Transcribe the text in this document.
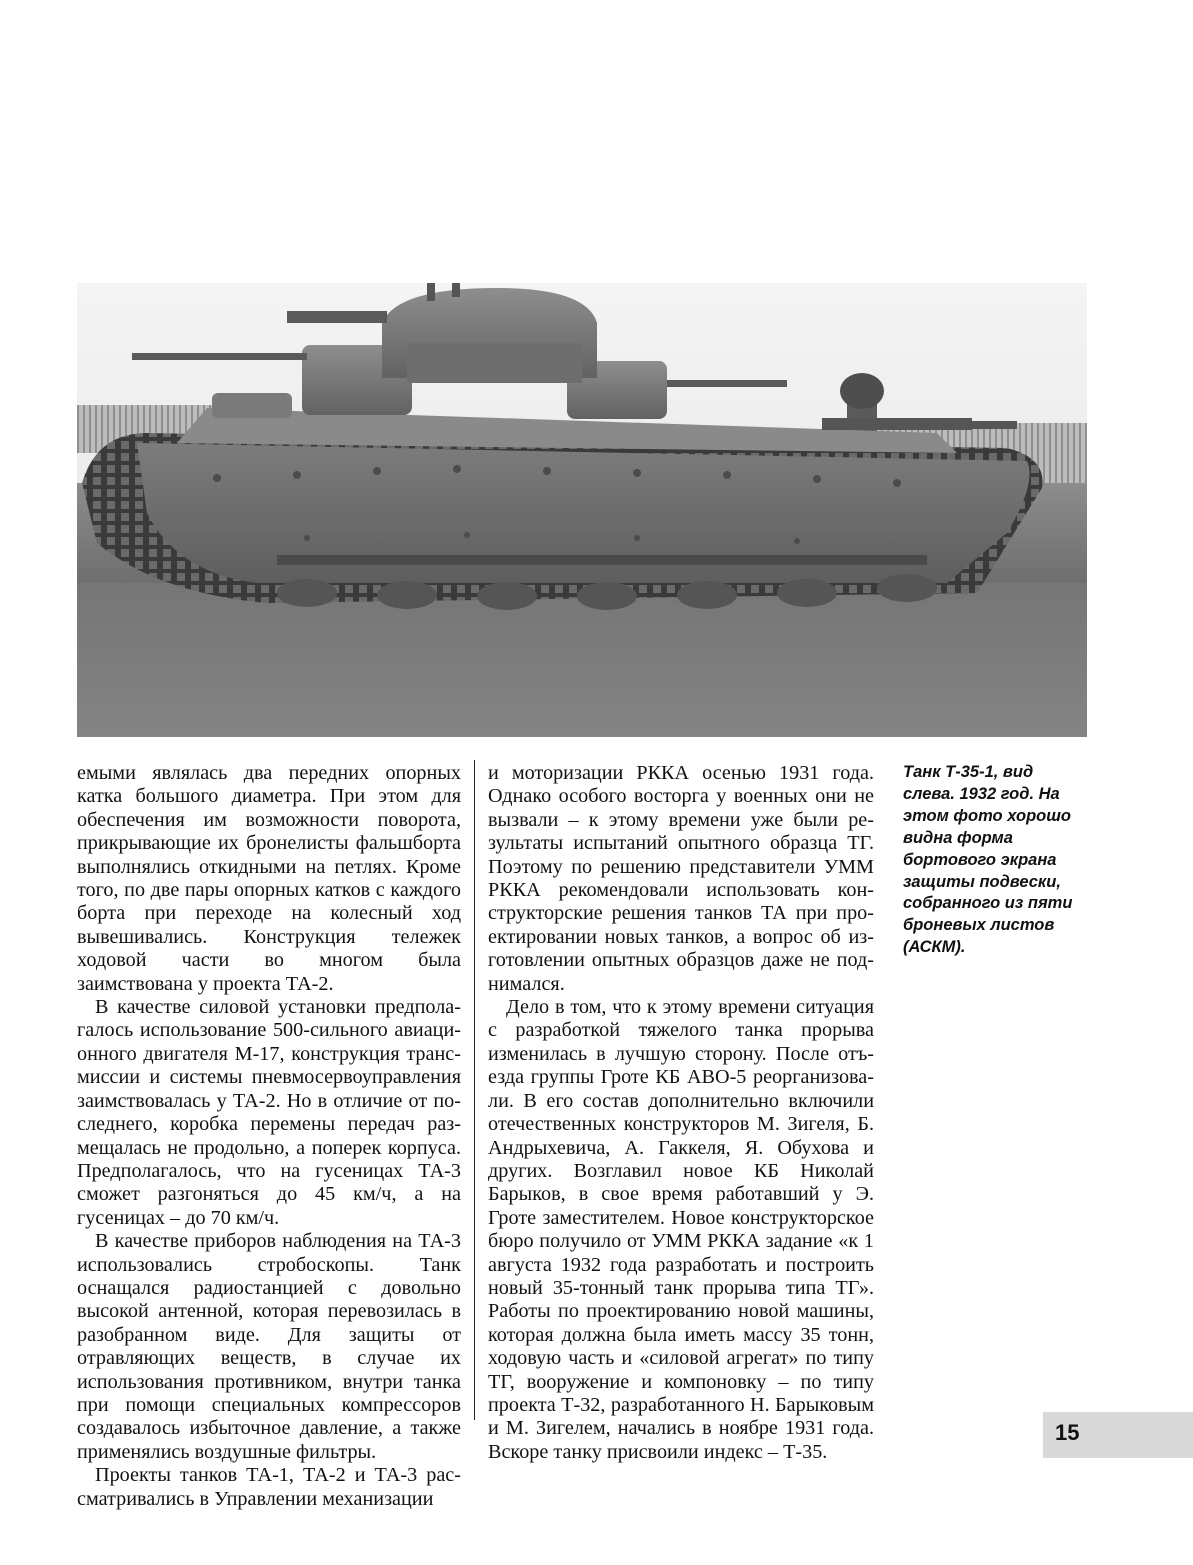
емыми являлась два передних опорных катка большого диаметра. При этом для обеспечения им возможности поворота, прикрывающие их бронелисты фальшборта выполнялись откидными на петлях. Кроме того, по две пары опорных катков с каждого борта при переходе на колесный ход вывешивались. Конструкция тележек ходовой части во многом была заимствована у проекта ТА-2.

В качестве силовой установки предполагалось использование 500-сильного авиационного двигателя М-17, конструкция трансмиссии и системы пневмосервоуправления заимствовалась у ТА-2. Но в отличие от последнего, коробка перемены передач размещалась не продольно, а поперек корпуса. Предполагалось, что на гусеницах ТА-3 сможет разгоняться до 45 км/ч, а на гусеницах – до 70 км/ч.

В качестве приборов наблюдения на ТА-3 использовались стробоскопы. Танк оснащался радиостанцией с довольно высокой антенной, которая перевозилась в разобранном виде. Для защиты от отравляющих веществ, в случае их использования противником, внутри танка при помощи специальных компрессоров создавалось избыточное давление, а также применялись воздушные фильтры.

Проекты танков ТА-1, ТА-2 и ТА-3 рассматривались в Управлении механизации

и моторизации РККА осенью 1931 года. Однако особого восторга у военных они не вызвали – к этому времени уже были результаты испытаний опытного образца ТГ. Поэтому по решению представители УММ РККА рекомендовали использовать конструкторские решения танков ТА при проектировании новых танков, а вопрос об изготовлении опытных образцов даже не поднимался.

Дело в том, что к этому времени ситуация с разработкой тяжелого танка прорыва изменилась в лучшую сторону. После отъезда группы Гроте КБ АВО-5 реорганизовали. В его состав дополнительно включили отечественных конструкторов М. Зигеля, Б. Андрыхевича, А. Гаккеля, Я. Обухова и других. Возглавил новое КБ Николай Барыков, в свое время работавший у Э. Гроте заместителем. Новое конструкторское бюро получило от УММ РККА задание «к 1 августа 1932 года разработать и построить новый 35-тонный танк прорыва типа ТГ». Работы по проектированию новой машины, которая должна была иметь массу 35 тонн, ходовую часть и «силовой агрегат» по типу ТГ, вооружение и компоновку – по типу проекта Т-32, разработанного Н. Барыковым и М. Зигелем, начались в ноябре 1931 года. Вскоре танку присвоили индекс – Т-35.

Танк Т-35-1, вид слева. 1932 год. На этом фото хорошо видна форма бортового экрана защиты подвески, собранного из пяти броневых листов (АСКМ).
15
